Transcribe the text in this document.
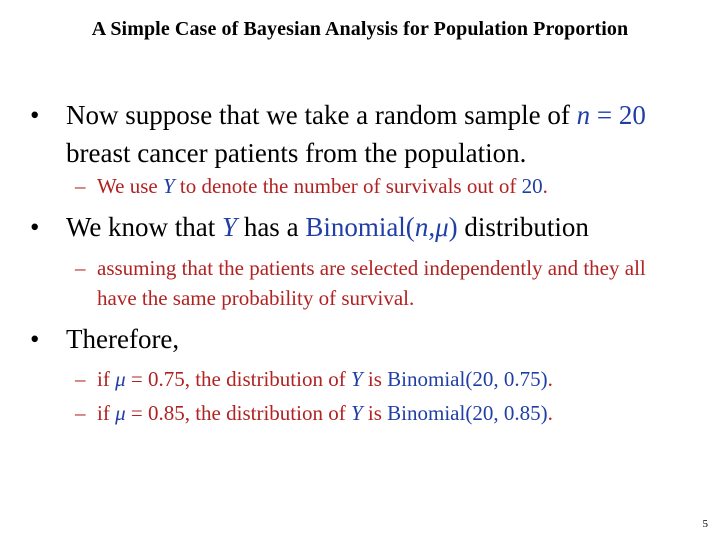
A Simple Case of Bayesian Analysis for Population Proportion
• Now suppose that we take a random sample of n = 20 breast cancer patients from the population.
– We use Y to denote the number of survivals out of 20.
• We know that Y has a Binomial(n,μ) distribution
– assuming that the patients are selected independently and they all have the same probability of survival.
• Therefore,
– if μ = 0.75, the distribution of Y is Binomial(20, 0.75).
– if μ = 0.85, the distribution of Y is Binomial(20, 0.85).
5
